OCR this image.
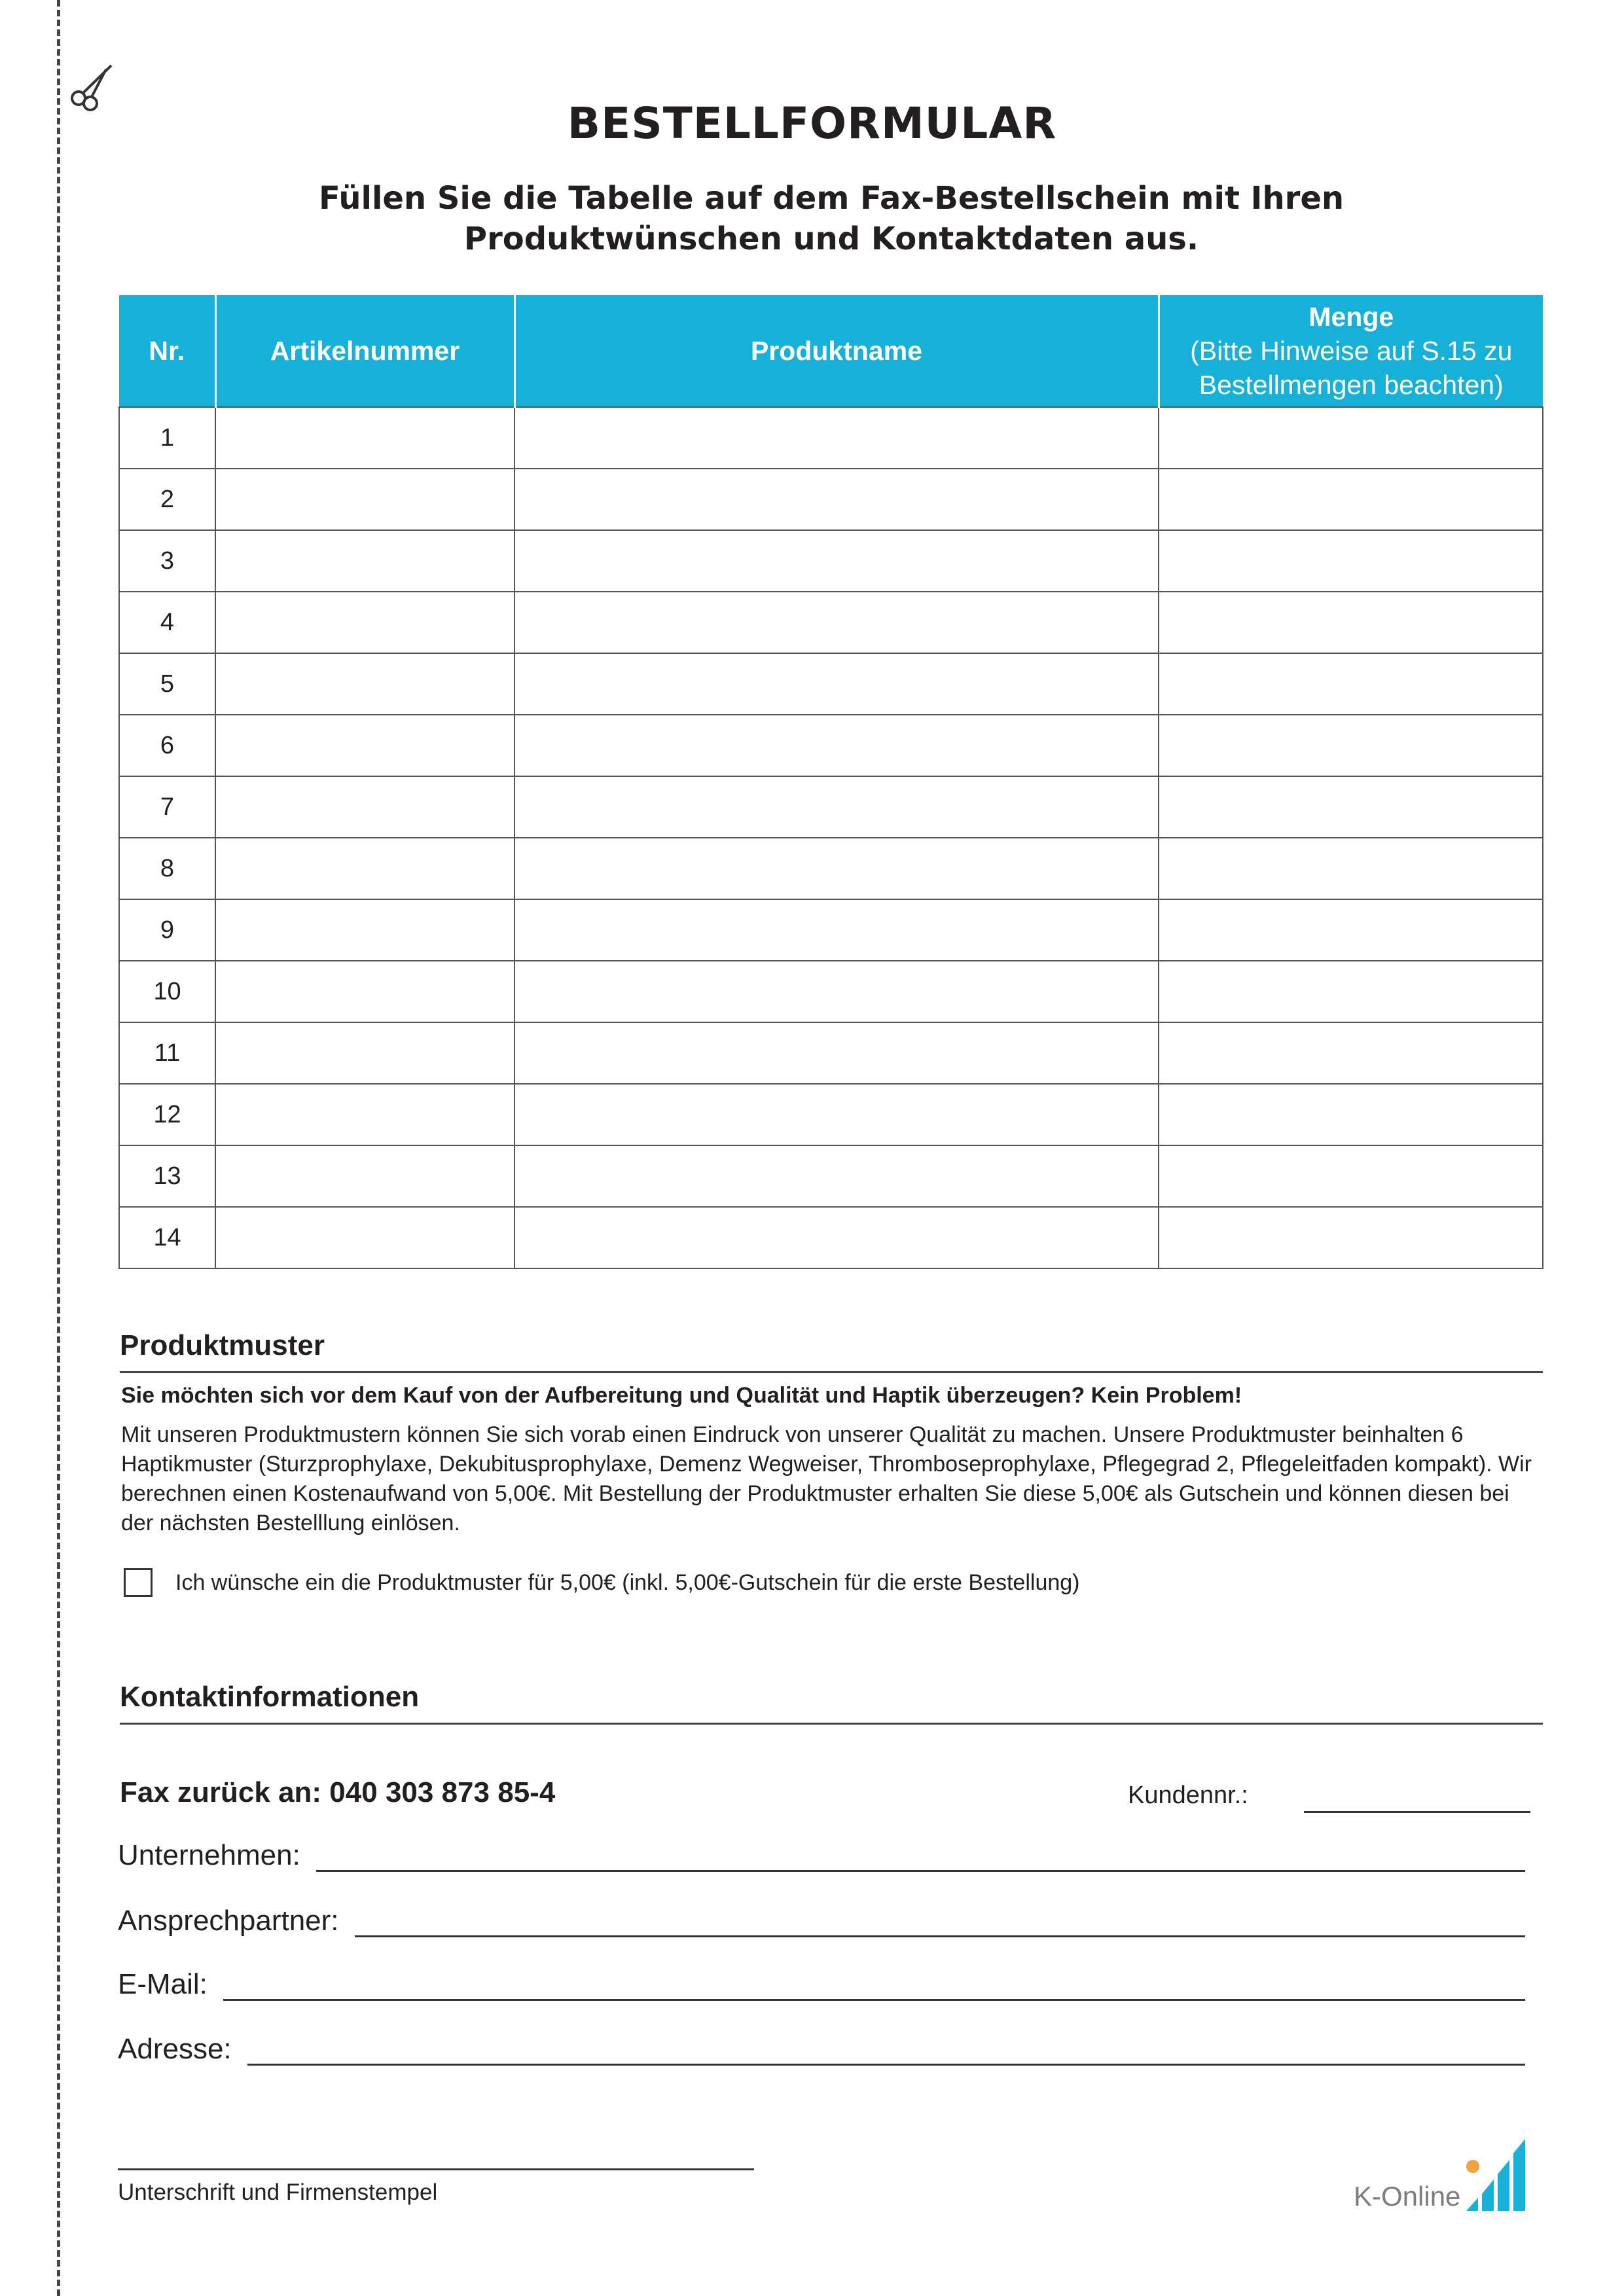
BESTELLFORMULAR

Füllen Sie die Tabelle auf dem Fax-Bestellschein mit Ihren Produktwünschen und Kontaktdaten aus.

Nr.	Artikelnummer	Produktname	Menge
(Bitte Hinweise auf S.15 zu Bestellmengen beachten)

1			
2			
3			
4			
5			
6			
7			
8			
9			
10			
11			
12			
13			
14			
Produktmuster
Sie möchten sich vor dem Kauf von der Aufbereitung und Qualität und Haptik überzeugen? Kein Problem!
Mit unseren Produktmustern können Sie sich vorab einen Eindruck von unserer Qualität zu machen. Unsere Produktmuster beinhalten 6 Haptikmuster (Sturzprophylaxe, Dekubitusprophylaxe, Demenz Wegweiser, Thromboseprophylaxe, Pflegegrad 2, Pflegeleitfaden kompakt). Wir berechnen einen Kostenaufwand von 5,00€. Mit Bestellung der Produktmuster erhalten Sie diese 5,00€ als Gutschein und können diesen bei der nächsten Bestelllung einlösen.
Ich wünsche ein die Produktmuster für 5,00€ (inkl. 5,00€-Gutschein für die erste Bestellung)
Kontaktinformationen
Fax zurück an: 040 303 873 85-4	Kundennr.:
Unternehmen:
Ansprechpartner:
E-Mail:
Adresse:
Unterschrift und Firmenstempel	K-Online
